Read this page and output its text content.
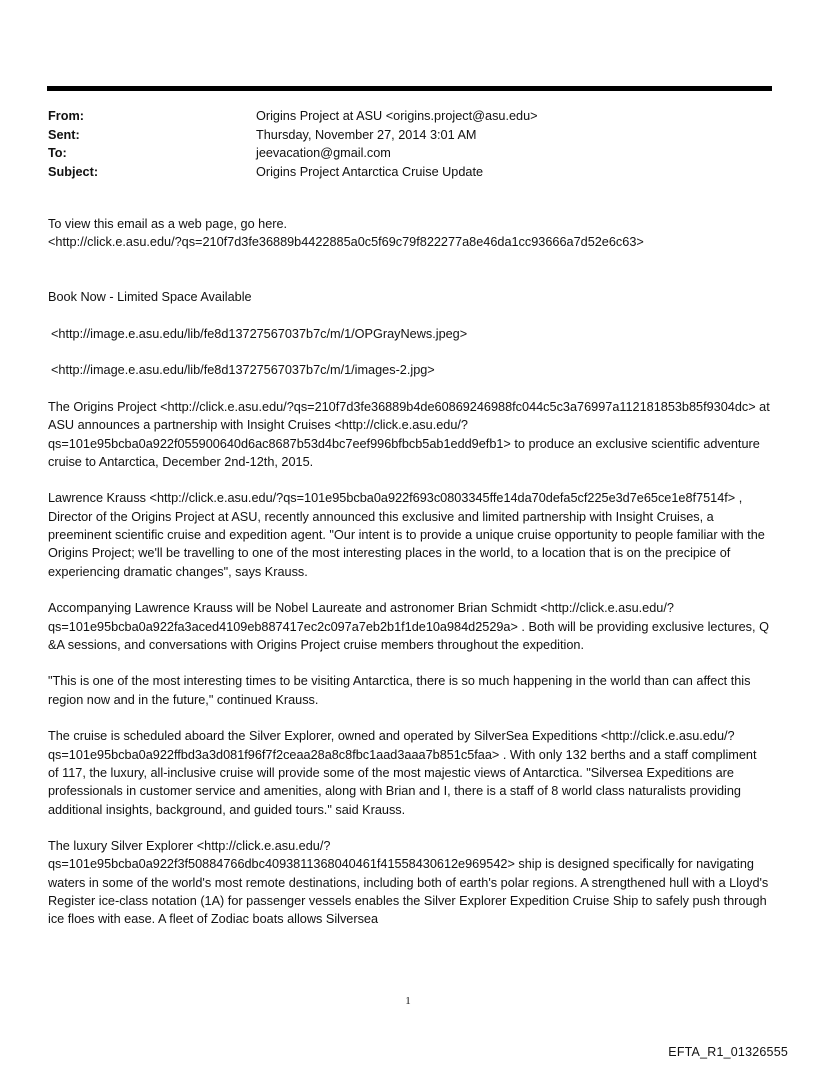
From:	Origins Project at ASU <origins.project@asu.edu>
Sent:	Thursday, November 27, 2014 3:01 AM
To:	jeevacation@gmail.com
Subject:	Origins Project Antarctica Cruise Update
To view this email as a web page, go here.
<http://click.e.asu.edu/?qs=210f7d3fe36889b4422885a0c5f69c79f822277a8e46da1cc93666a7d52e6c63>
Book Now - Limited Space Available
<http://image.e.asu.edu/lib/fe8d13727567037b7c/m/1/OPGrayNews.jpeg>
<http://image.e.asu.edu/lib/fe8d13727567037b7c/m/1/images-2.jpg>
The Origins Project <http://click.e.asu.edu/?qs=210f7d3fe36889b4de60869246988fc044c5c3a76997a112181853b85f9304dc> at ASU announces a partnership with Insight Cruises <http://click.e.asu.edu/?qs=101e95bcba0a922f055900640d6ac8687b53d4bc7eef996bfbcb5ab1edd9efb1> to produce an exclusive scientific adventure cruise to Antarctica, December 2nd-12th, 2015.
Lawrence Krauss <http://click.e.asu.edu/?qs=101e95bcba0a922f693c0803345ffe14da70defa5cf225e3d7e65ce1e8f7514f> , Director of the Origins Project at ASU, recently announced this exclusive and limited partnership with Insight Cruises, a preeminent scientific cruise and expedition agent. "Our intent is to provide a unique cruise opportunity to people familiar with the Origins Project; we'll be travelling to one of the most interesting places in the world, to a location that is on the precipice of experiencing dramatic changes", says Krauss.
Accompanying Lawrence Krauss will be Nobel Laureate and astronomer Brian Schmidt <http://click.e.asu.edu/?qs=101e95bcba0a922fa3aced4109eb887417ec2c097a7eb2b1f1de10a984d2529a> . Both will be providing exclusive lectures, Q &A sessions, and conversations with Origins Project cruise members throughout the expedition.
"This is one of the most interesting times to be visiting Antarctica, there is so much happening in the world than can affect this region now and in the future," continued Krauss.
The cruise is scheduled aboard the Silver Explorer, owned and operated by SilverSea Expeditions <http://click.e.asu.edu/?qs=101e95bcba0a922ffbd3a3d081f96f7f2ceaa28a8c8fbc1aad3aaa7b851c5faa> . With only 132 berths and a staff compliment of 117, the luxury, all-inclusive cruise will provide some of the most majestic views of Antarctica. "Silversea Expeditions are professionals in customer service and amenities, along with Brian and I, there is a staff of 8 world class naturalists providing additional insights, background, and guided tours." said Krauss.
The luxury Silver Explorer <http://click.e.asu.edu/?qs=101e95bcba0a922f3f50884766dbc4093811368040461f41558430612e969542> ship is designed specifically for navigating waters in some of the world's most remote destinations, including both of earth's polar regions. A strengthened hull with a Lloyd's Register ice-class notation (1A) for passenger vessels enables the Silver Explorer Expedition Cruise Ship to safely push through ice floes with ease. A fleet of Zodiac boats allows Silversea
1
EFTA_R1_01326555
